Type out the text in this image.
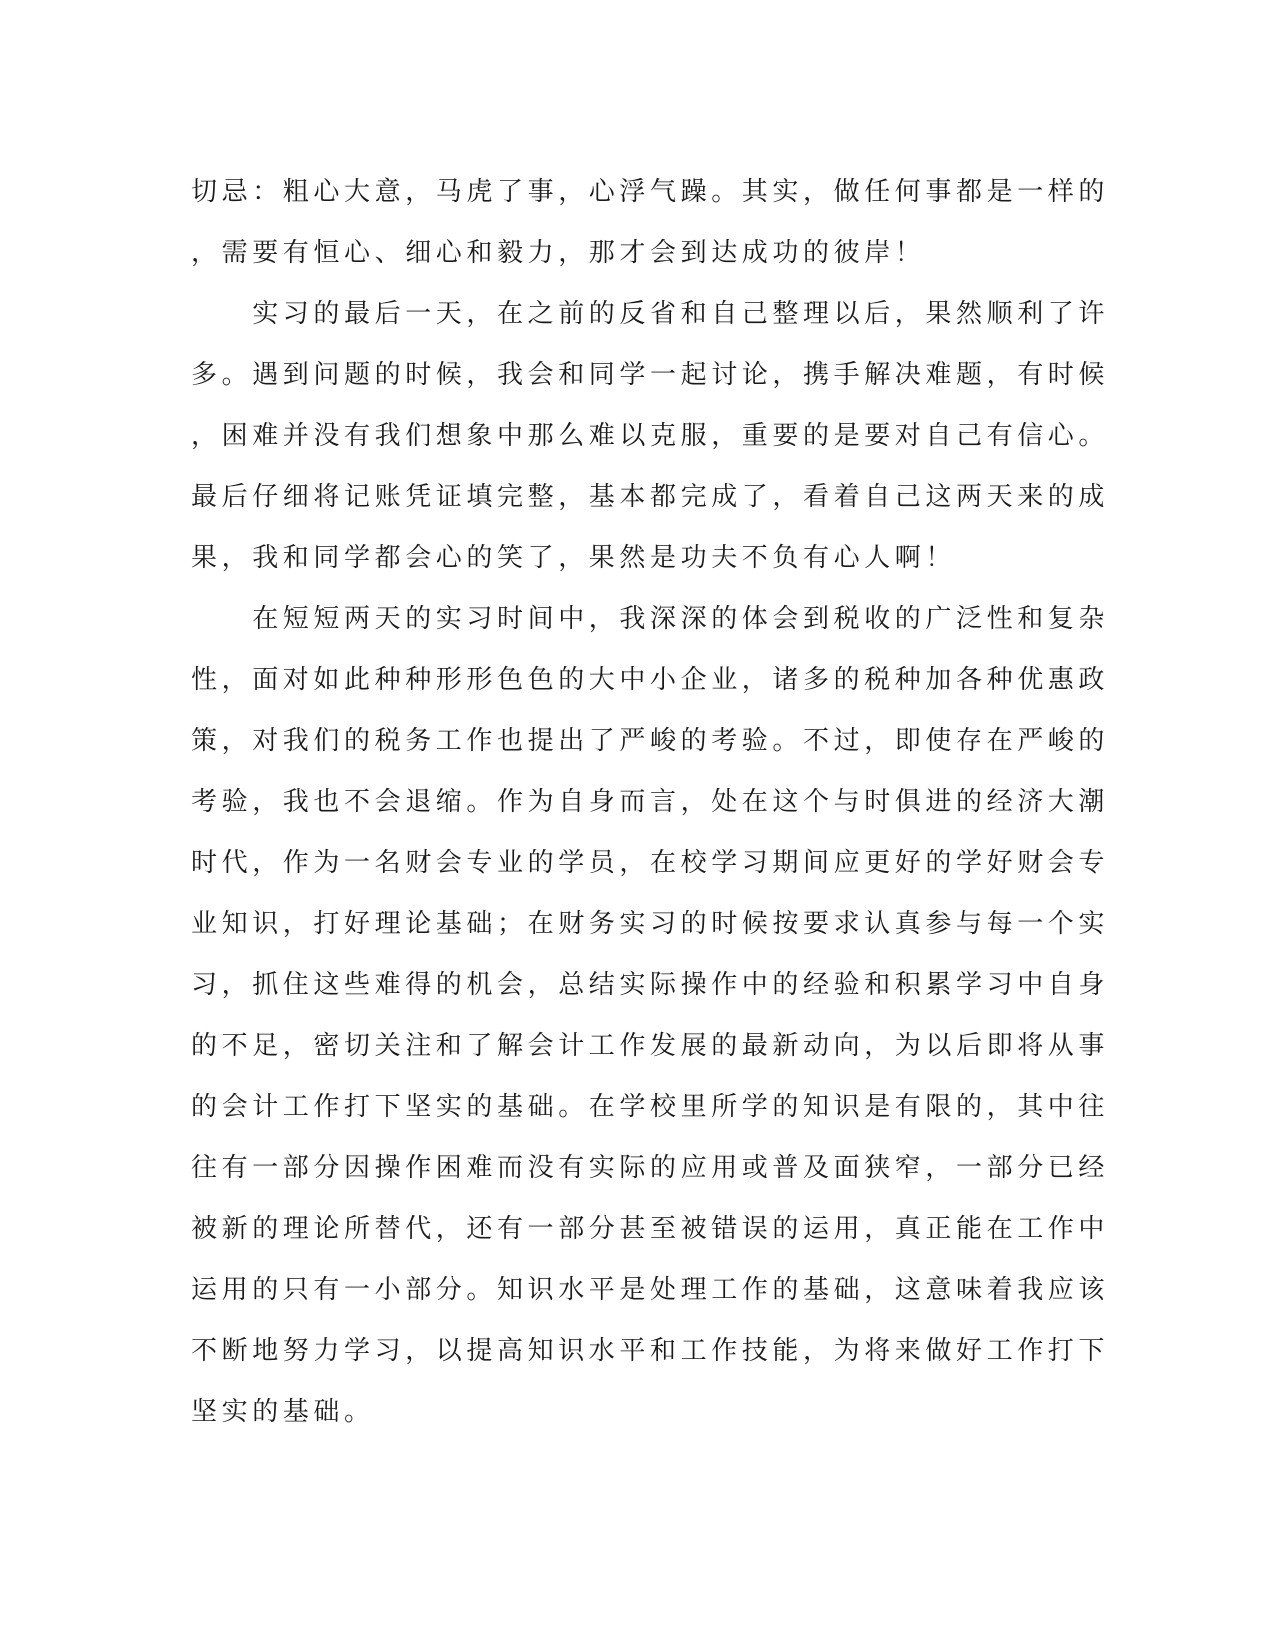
切忌：粗心大意，马虎了事，心浮气躁。其实，做任何事都是一样的
，需要有恒心、细心和毅力，那才会到达成功的彼岸！
　　实习的最后一天，在之前的反省和自己整理以后，果然顺利了许
多。遇到问题的时候，我会和同学一起讨论，携手解决难题，有时候
，困难并没有我们想象中那么难以克服，重要的是要对自己有信心。
最后仔细将记账凭证填完整，基本都完成了，看着自己这两天来的成
果，我和同学都会心的笑了，果然是功夫不负有心人啊！
　　在短短两天的实习时间中，我深深的体会到税收的广泛性和复杂
性，面对如此种种形形色色的大中小企业，诸多的税种加各种优惠政
策，对我们的税务工作也提出了严峻的考验。不过，即使存在严峻的
考验，我也不会退缩。作为自身而言，处在这个与时俱进的经济大潮
时代，作为一名财会专业的学员，在校学习期间应更好的学好财会专
业知识，打好理论基础；在财务实习的时候按要求认真参与每一个实
习，抓住这些难得的机会，总结实际操作中的经验和积累学习中自身
的不足，密切关注和了解会计工作发展的最新动向，为以后即将从事
的会计工作打下坚实的基础。在学校里所学的知识是有限的，其中往
往有一部分因操作困难而没有实际的应用或普及面狭窄，一部分已经
被新的理论所替代，还有一部分甚至被错误的运用，真正能在工作中
运用的只有一小部分。知识水平是处理工作的基础，这意味着我应该
不断地努力学习，以提高知识水平和工作技能，为将来做好工作打下
坚实的基础。
